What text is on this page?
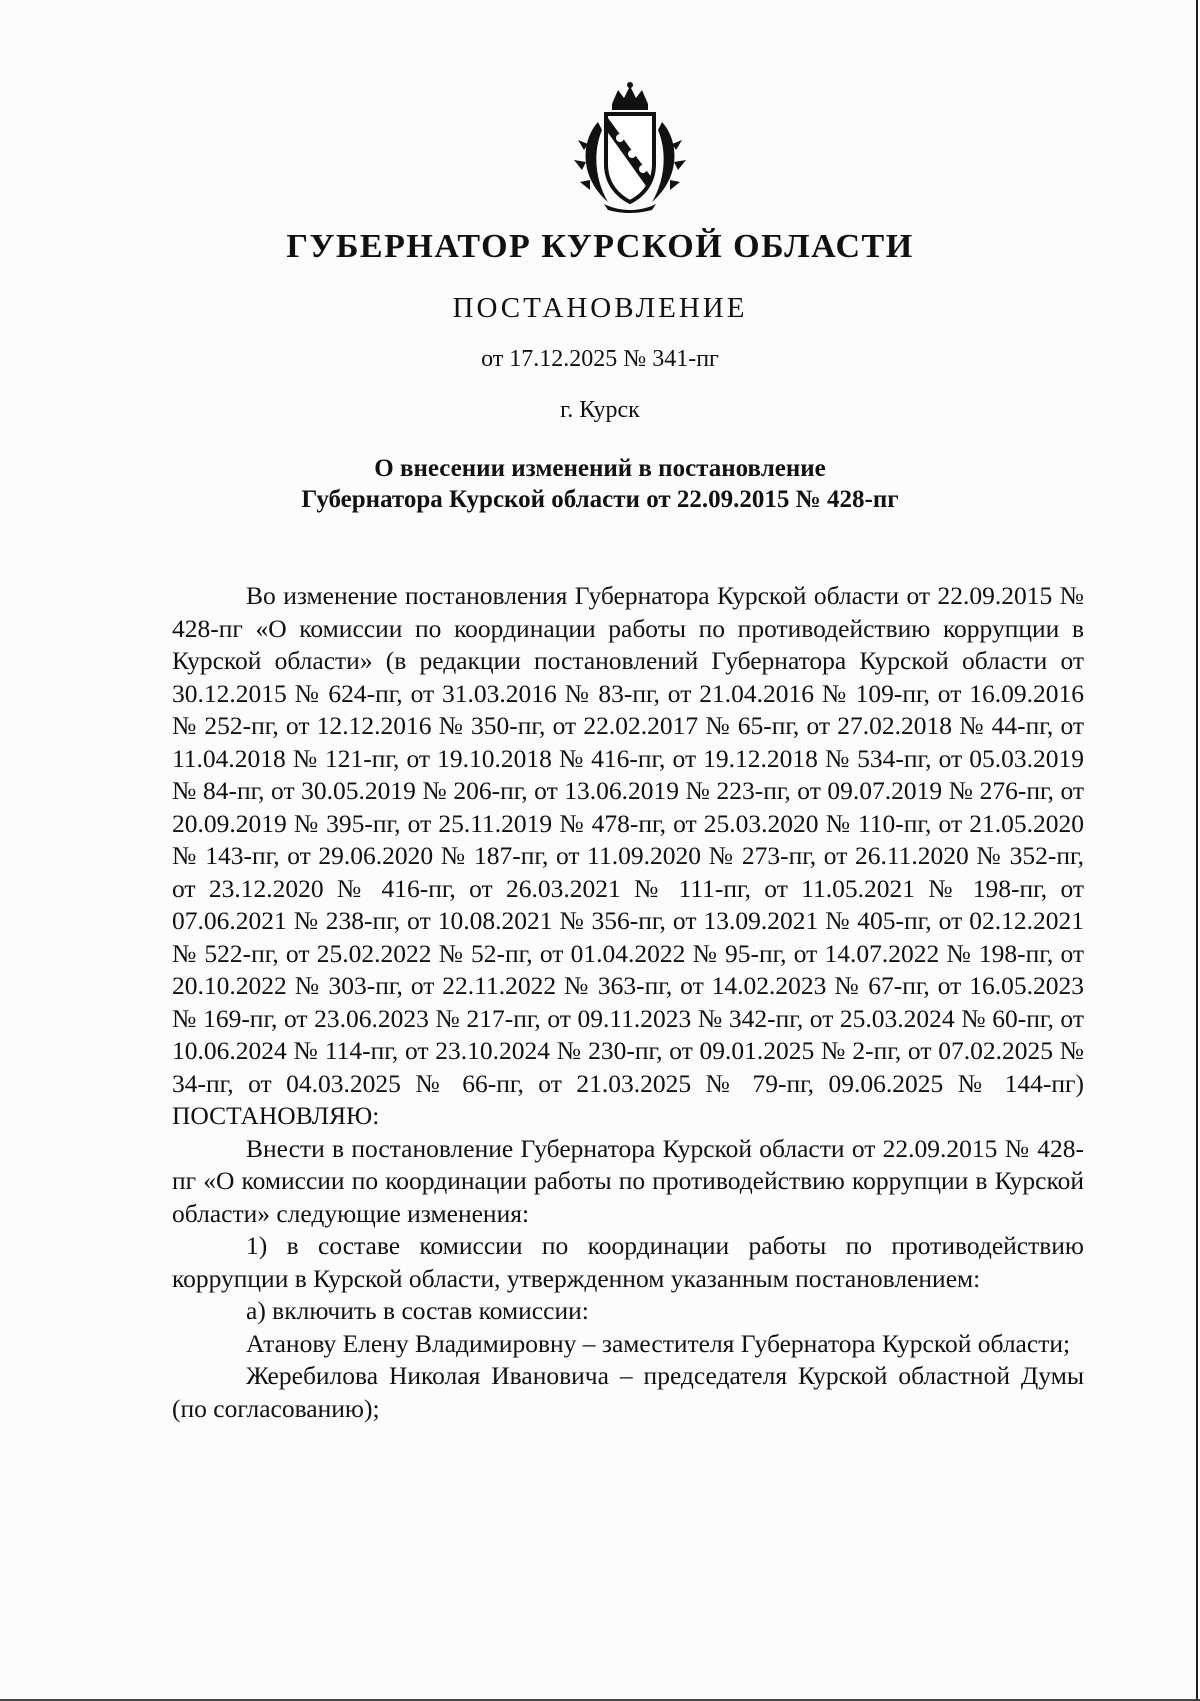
ГУБЕРНАТОР КУРСКОЙ ОБЛАСТИ
ПОСТАНОВЛЕНИЕ
от 17.12.2025 № 341-пг
г. Курск
О внесении изменений в постановление
Губернатора Курской области от 22.09.2015 № 428-пг

Во изменение постановления Губернатора Курской области от 22.09.2015 № 428-пг «О комиссии по координации работы по противодействию коррупции в Курской области» (в редакции постановлений Губернатора Курской области от 30.12.2015 № 624-пг, от 31.03.2016 № 83-пг, от 21.04.2016 № 109-пг, от 16.09.2016 № 252-пг, от 12.12.2016 № 350-пг, от 22.02.2017 № 65-пг, от 27.02.2018 № 44-пг, от 11.04.2018 № 121-пг, от 19.10.2018 № 416-пг, от 19.12.2018 № 534-пг, от 05.03.2019 № 84-пг, от 30.05.2019 № 206-пг, от 13.06.2019 № 223-пг, от 09.07.2019 № 276-пг, от 20.09.2019 № 395-пг, от 25.11.2019 № 478-пг, от 25.03.2020 № 110-пг, от 21.05.2020 № 143-пг, от 29.06.2020 № 187-пг, от 11.09.2020 № 273-пг, от 26.11.2020 № 352-пг, от 23.12.2020 № 416-пг, от 26.03.2021 № 111-пг, от 11.05.2021 № 198-пг, от 07.06.2021 № 238-пг, от 10.08.2021 № 356-пг, от 13.09.2021 № 405-пг, от 02.12.2021 № 522-пг, от 25.02.2022 № 52-пг, от 01.04.2022 № 95-пг, от 14.07.2022 № 198-пг, от 20.10.2022 № 303-пг, от 22.11.2022 № 363-пг, от 14.02.2023 № 67-пг, от 16.05.2023 № 169-пг, от 23.06.2023 № 217-пг, от 09.11.2023 № 342-пг, от 25.03.2024 № 60-пг, от 10.06.2024 № 114-пг, от 23.10.2024 № 230-пг, от 09.01.2025 № 2-пг, от 07.02.2025 № 34-пг, от 04.03.2025 № 66-пг, от 21.03.2025 № 79-пг, 09.06.2025 № 144-пг) ПОСТАНОВЛЯЮ:

Внести в постановление Губернатора Курской области от 22.09.2015 № 428-пг «О комиссии по координации работы по противодействию коррупции в Курской области» следующие изменения:

1) в составе комиссии по координации работы по противодействию коррупции в Курской области, утвержденном указанным постановлением:

а) включить в состав комиссии:

Атанову Елену Владимировну – заместителя Губернатора Курской области;

Жеребилова Николая Ивановича – председателя Курской областной Думы (по согласованию);
